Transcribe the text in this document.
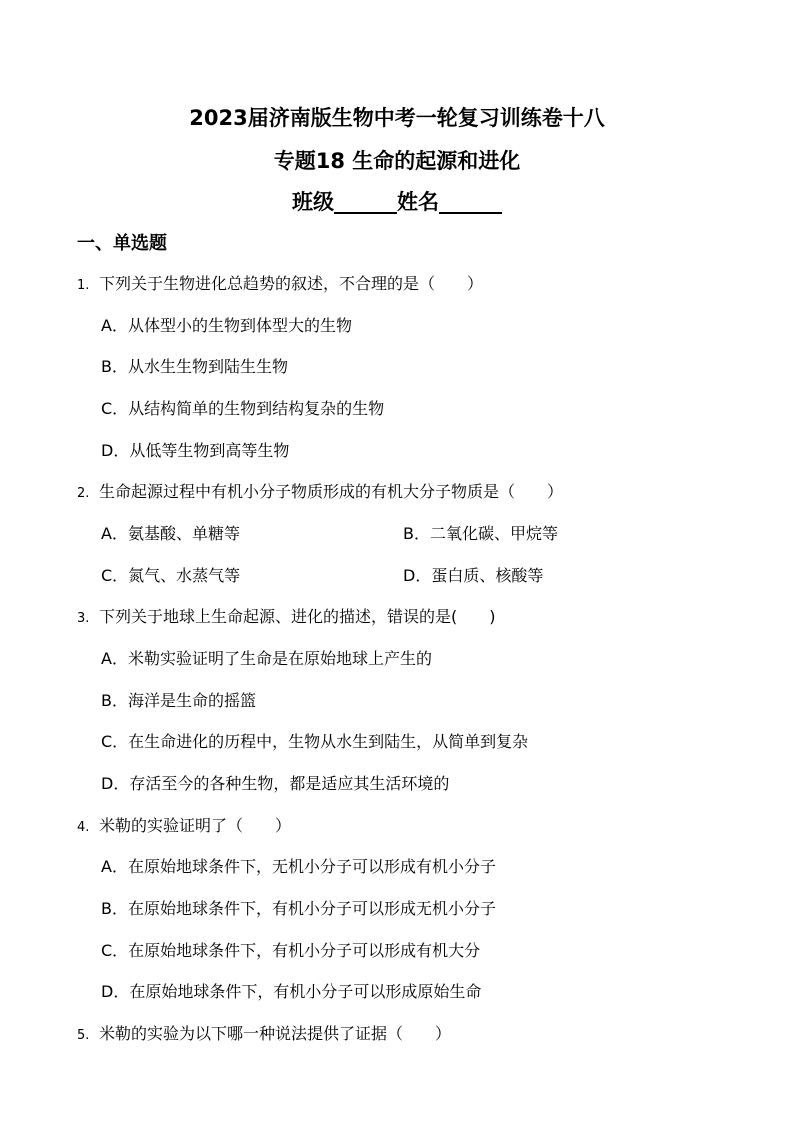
2023届济南版生物中考一轮复习训练卷十八
专题18 生命的起源和进化
班级______姓名______
一、单选题
1. 下列关于生物进化总趋势的叙述，不合理的是（　　）
A．从体型小的生物到体型大的生物
B．从水生生物到陆生生物
C．从结构简单的生物到结构复杂的生物
D．从低等生物到高等生物
2. 生命起源过程中有机小分子物质形成的有机大分子物质是（　　）
A．氨基酸、单糖等	B．二氧化碳、甲烷等
C．氮气、水蒸气等	D．蛋白质、核酸等
3. 下列关于地球上生命起源、进化的描述，错误的是(　　)
A．米勒实验证明了生命是在原始地球上产生的
B．海洋是生命的摇篮
C．在生命进化的历程中，生物从水生到陆生，从简单到复杂
D．存活至今的各种生物，都是适应其生活环境的
4. 米勒的实验证明了（　　）
A．在原始地球条件下，无机小分子可以形成有机小分子
B．在原始地球条件下，有机小分子可以形成无机小分子
C．在原始地球条件下，有机小分子可以形成有机大分
D．在原始地球条件下，有机小分子可以形成原始生命
5. 米勒的实验为以下哪一种说法提供了证据（　　）
